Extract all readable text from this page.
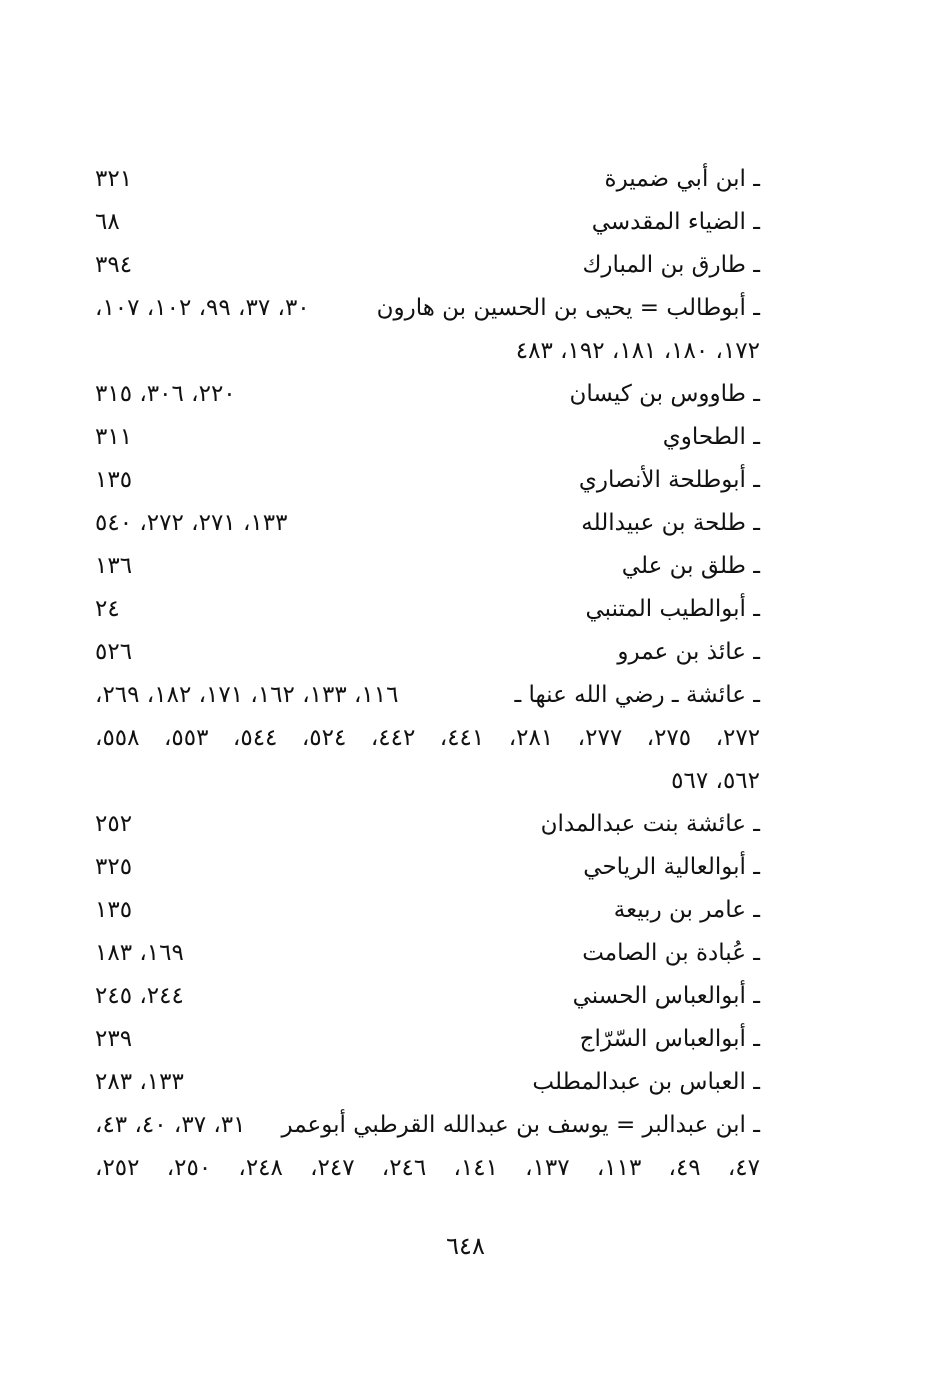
ـ ابن أبي ضميرة
٣٢١
ـ الضياء المقدسي
٦٨
ـ طارق بن المبارك
٣٩٤
ـ أبوطالب = يحيى بن الحسين بن هارون
٣٠، ٣٧، ٩٩، ١٠٢، ١٠٧،
١٧٢، ١٨٠، ١٨١، ١٩٢، ٤٨٣
ـ طاووس بن كيسان
٢٢٠، ٣٠٦، ٣١٥
ـ الطحاوي
٣١١
ـ أبوطلحة الأنصاري
١٣٥
ـ طلحة بن عبيدالله
١٣٣، ٢٧١، ٢٧٢، ٥٤٠
ـ طلق بن علي
١٣٦
ـ أبوالطيب المتنبي
٢٤
ـ عائذ بن عمرو
٥٢٦
ـ عائشة ـ رضي الله عنها ـ
١١٦، ١٣٣، ١٦٢، ١٧١، ١٨٢، ٢٦٩،
٢٧٢، ٢٧٥، ٢٧٧، ٢٨١، ٤٤١، ٤٤٢، ٥٢٤، ٥٤٤، ٥٥٣، ٥٥٨،
٥٦٢، ٥٦٧
ـ عائشة بنت عبدالمدان
٢٥٢
ـ أبوالعالية الرياحي
٣٢٥
ـ عامر بن ربيعة
١٣٥
ـ عُبادة بن الصامت
١٦٩، ١٨٣
ـ أبوالعباس الحسني
٢٤٤، ٢٤٥
ـ أبوالعباس السّرّاج
٢٣٩
ـ العباس بن عبدالمطلب
١٣٣، ٢٨٣
ـ ابن عبدالبر = يوسف بن عبدالله القرطبي أبوعمر
٣١، ٣٧، ٤٠، ٤٣،
٤٧، ٤٩، ١١٣، ١٣٧، ١٤١، ٢٤٦، ٢٤٧، ٢٤٨، ٢٥٠، ٢٥٢،
٦٤٨
